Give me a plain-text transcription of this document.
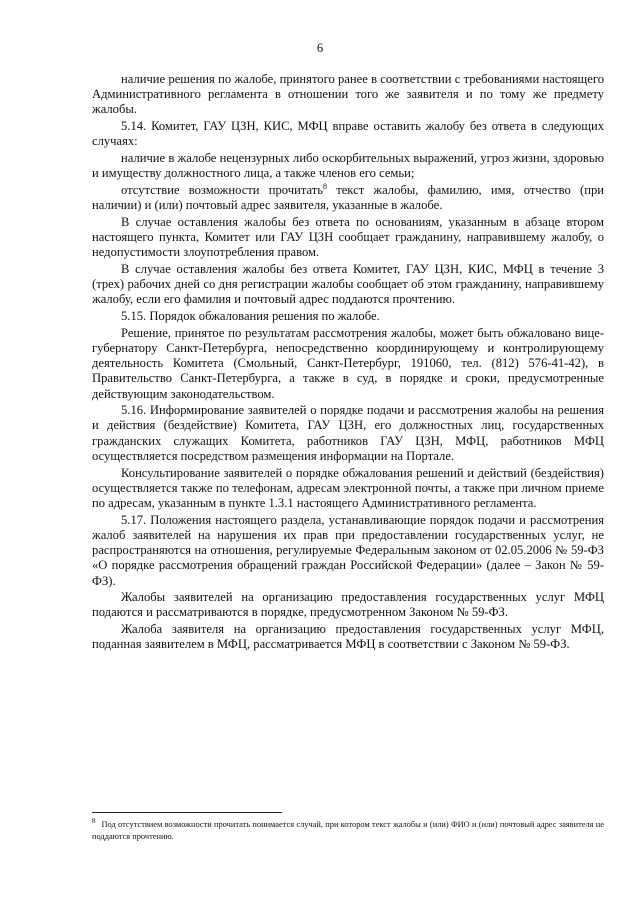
6

наличие решения по жалобе, принятого ранее в соответствии с требованиями настоящего Административного регламента в отношении того же заявителя и по тому же предмету жалобы.

5.14. Комитет, ГАУ ЦЗН, КИС, МФЦ вправе оставить жалобу без ответа в следующих случаях:

наличие в жалобе нецензурных либо оскорбительных выражений, угроз жизни, здоровью и имуществу должностного лица, а также членов его семьи;

отсутствие возможности прочитать$^8$ текст жалобы, фамилию, имя, отчество (при наличии) и (или) почтовый адрес заявителя, указанные в жалобе.

В случае оставления жалобы без ответа по основаниям, указанным в абзаце втором настоящего пункта, Комитет или ГАУ ЦЗН сообщает гражданину, направившему жалобу, о недопустимости злоупотребления правом.

В случае оставления жалобы без ответа Комитет, ГАУ ЦЗН, КИС, МФЦ в течение 3 (трех) рабочих дней со дня регистрации жалобы сообщает об этом гражданину, направившему жалобу, если его фамилия и почтовый адрес поддаются прочтению.

5.15. Порядок обжалования решения по жалобе.

Решение, принятое по результатам рассмотрения жалобы, может быть обжаловано вице-губернатору Санкт-Петербурга, непосредственно координирующему и контролирующему деятельность Комитета (Смольный, Санкт-Петербург, 191060, тел. (812) 576-41-42), в Правительство Санкт-Петербурга, а также в суд, в порядке и сроки, предусмотренные действующим законодательством.

5.16. Информирование заявителей о порядке подачи и рассмотрения жалобы на решения и действия (бездействие) Комитета, ГАУ ЦЗН, его должностных лиц, государственных гражданских служащих Комитета, работников ГАУ ЦЗН, МФЦ, работников МФЦ осуществляется посредством размещения информации на Портале.

Консультирование заявителей о порядке обжалования решений и действий (бездействия) осуществляется также по телефонам, адресам электронной почты, а также при личном приеме по адресам, указанным в пункте 1.3.1 настоящего Административного регламента.

5.17. Положения настоящего раздела, устанавливающие порядок подачи и рассмотрения жалоб заявителей на нарушения их прав при предоставлении государственных услуг, не распространяются на отношения, регулируемые Федеральным законом от 02.05.2006 № 59-ФЗ «О порядке рассмотрения обращений граждан Российской Федерации» (далее – Закон № 59-ФЗ).

Жалобы заявителей на организацию предоставления государственных услуг МФЦ подаются и рассматриваются в порядке, предусмотренном Законом № 59-ФЗ.

Жалоба заявителя на организацию предоставления государственных услуг МФЦ, поданная заявителем в МФЦ, рассматривается МФЦ в соответствии с Законом № 59-ФЗ.

$^8$ Под отсутствием возможности прочитать понимается случай, при котором текст жалобы и (или) ФИО и (или) почтовый адрес заявителя не поддаются прочтению.
